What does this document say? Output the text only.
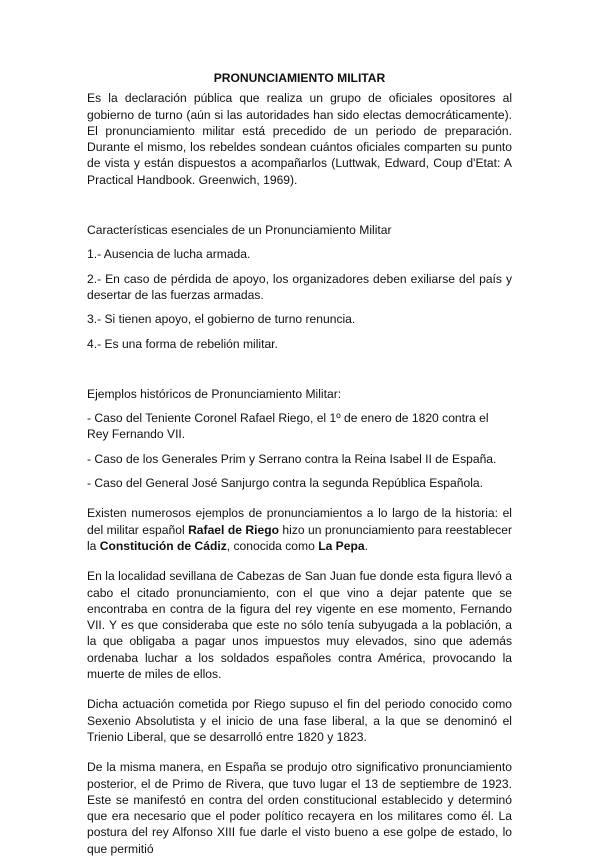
PRONUNCIAMIENTO MILITAR

Es la declaración pública que realiza un grupo de oficiales opositores al gobierno de turno (aún si las autoridades han sido electas democráticamente). El pronunciamiento militar está precedido de un periodo de preparación. Durante el mismo, los rebeldes sondean cuántos oficiales comparten su punto de vista y están dispuestos a acompañarlos (Luttwak, Edward, Coup d'Etat: A Practical Handbook. Greenwich, 1969).

Características esenciales de un Pronunciamiento Militar

1.- Ausencia de lucha armada.

2.- En caso de pérdida de apoyo, los organizadores deben exiliarse del país y desertar de las fuerzas armadas.

3.- Si tienen apoyo, el gobierno de turno renuncia.

4.- Es una forma de rebelión militar.

Ejemplos históricos de Pronunciamiento Militar:

- Caso del Teniente Coronel Rafael Riego, el 1º de enero de 1820 contra el Rey Fernando VII.

- Caso de los Generales Prim y Serrano contra la Reina Isabel II de España.

- Caso del General José Sanjurgo contra la segunda República Española.

Existen numerosos ejemplos de pronunciamientos a lo largo de la historia: el del militar español Rafael de Riego hizo un pronunciamiento para reestablecer la Constitución de Cádiz, conocida como La Pepa.

En la localidad sevillana de Cabezas de San Juan fue donde esta figura llevó a cabo el citado pronunciamiento, con el que vino a dejar patente que se encontraba en contra de la figura del rey vigente en ese momento, Fernando VII. Y es que consideraba que este no sólo tenía subyugada a la población, a la que obligaba a pagar unos impuestos muy elevados, sino que además ordenaba luchar a los soldados españoles contra América, provocando la muerte de miles de ellos.

Dicha actuación cometida por Riego supuso el fin del periodo conocido como Sexenio Absolutista y el inicio de una fase liberal, a la que se denominó el Trienio Liberal, que se desarrolló entre 1820 y 1823.

De la misma manera, en España se produjo otro significativo pronunciamiento posterior, el de Primo de Rivera, que tuvo lugar el 13 de septiembre de 1923. Este se manifestó en contra del orden constitucional establecido y determinó que era necesario que el poder político recayera en los militares como él. La postura del rey Alfonso XIII fue darle el visto bueno a ese golpe de estado, lo que permitió
